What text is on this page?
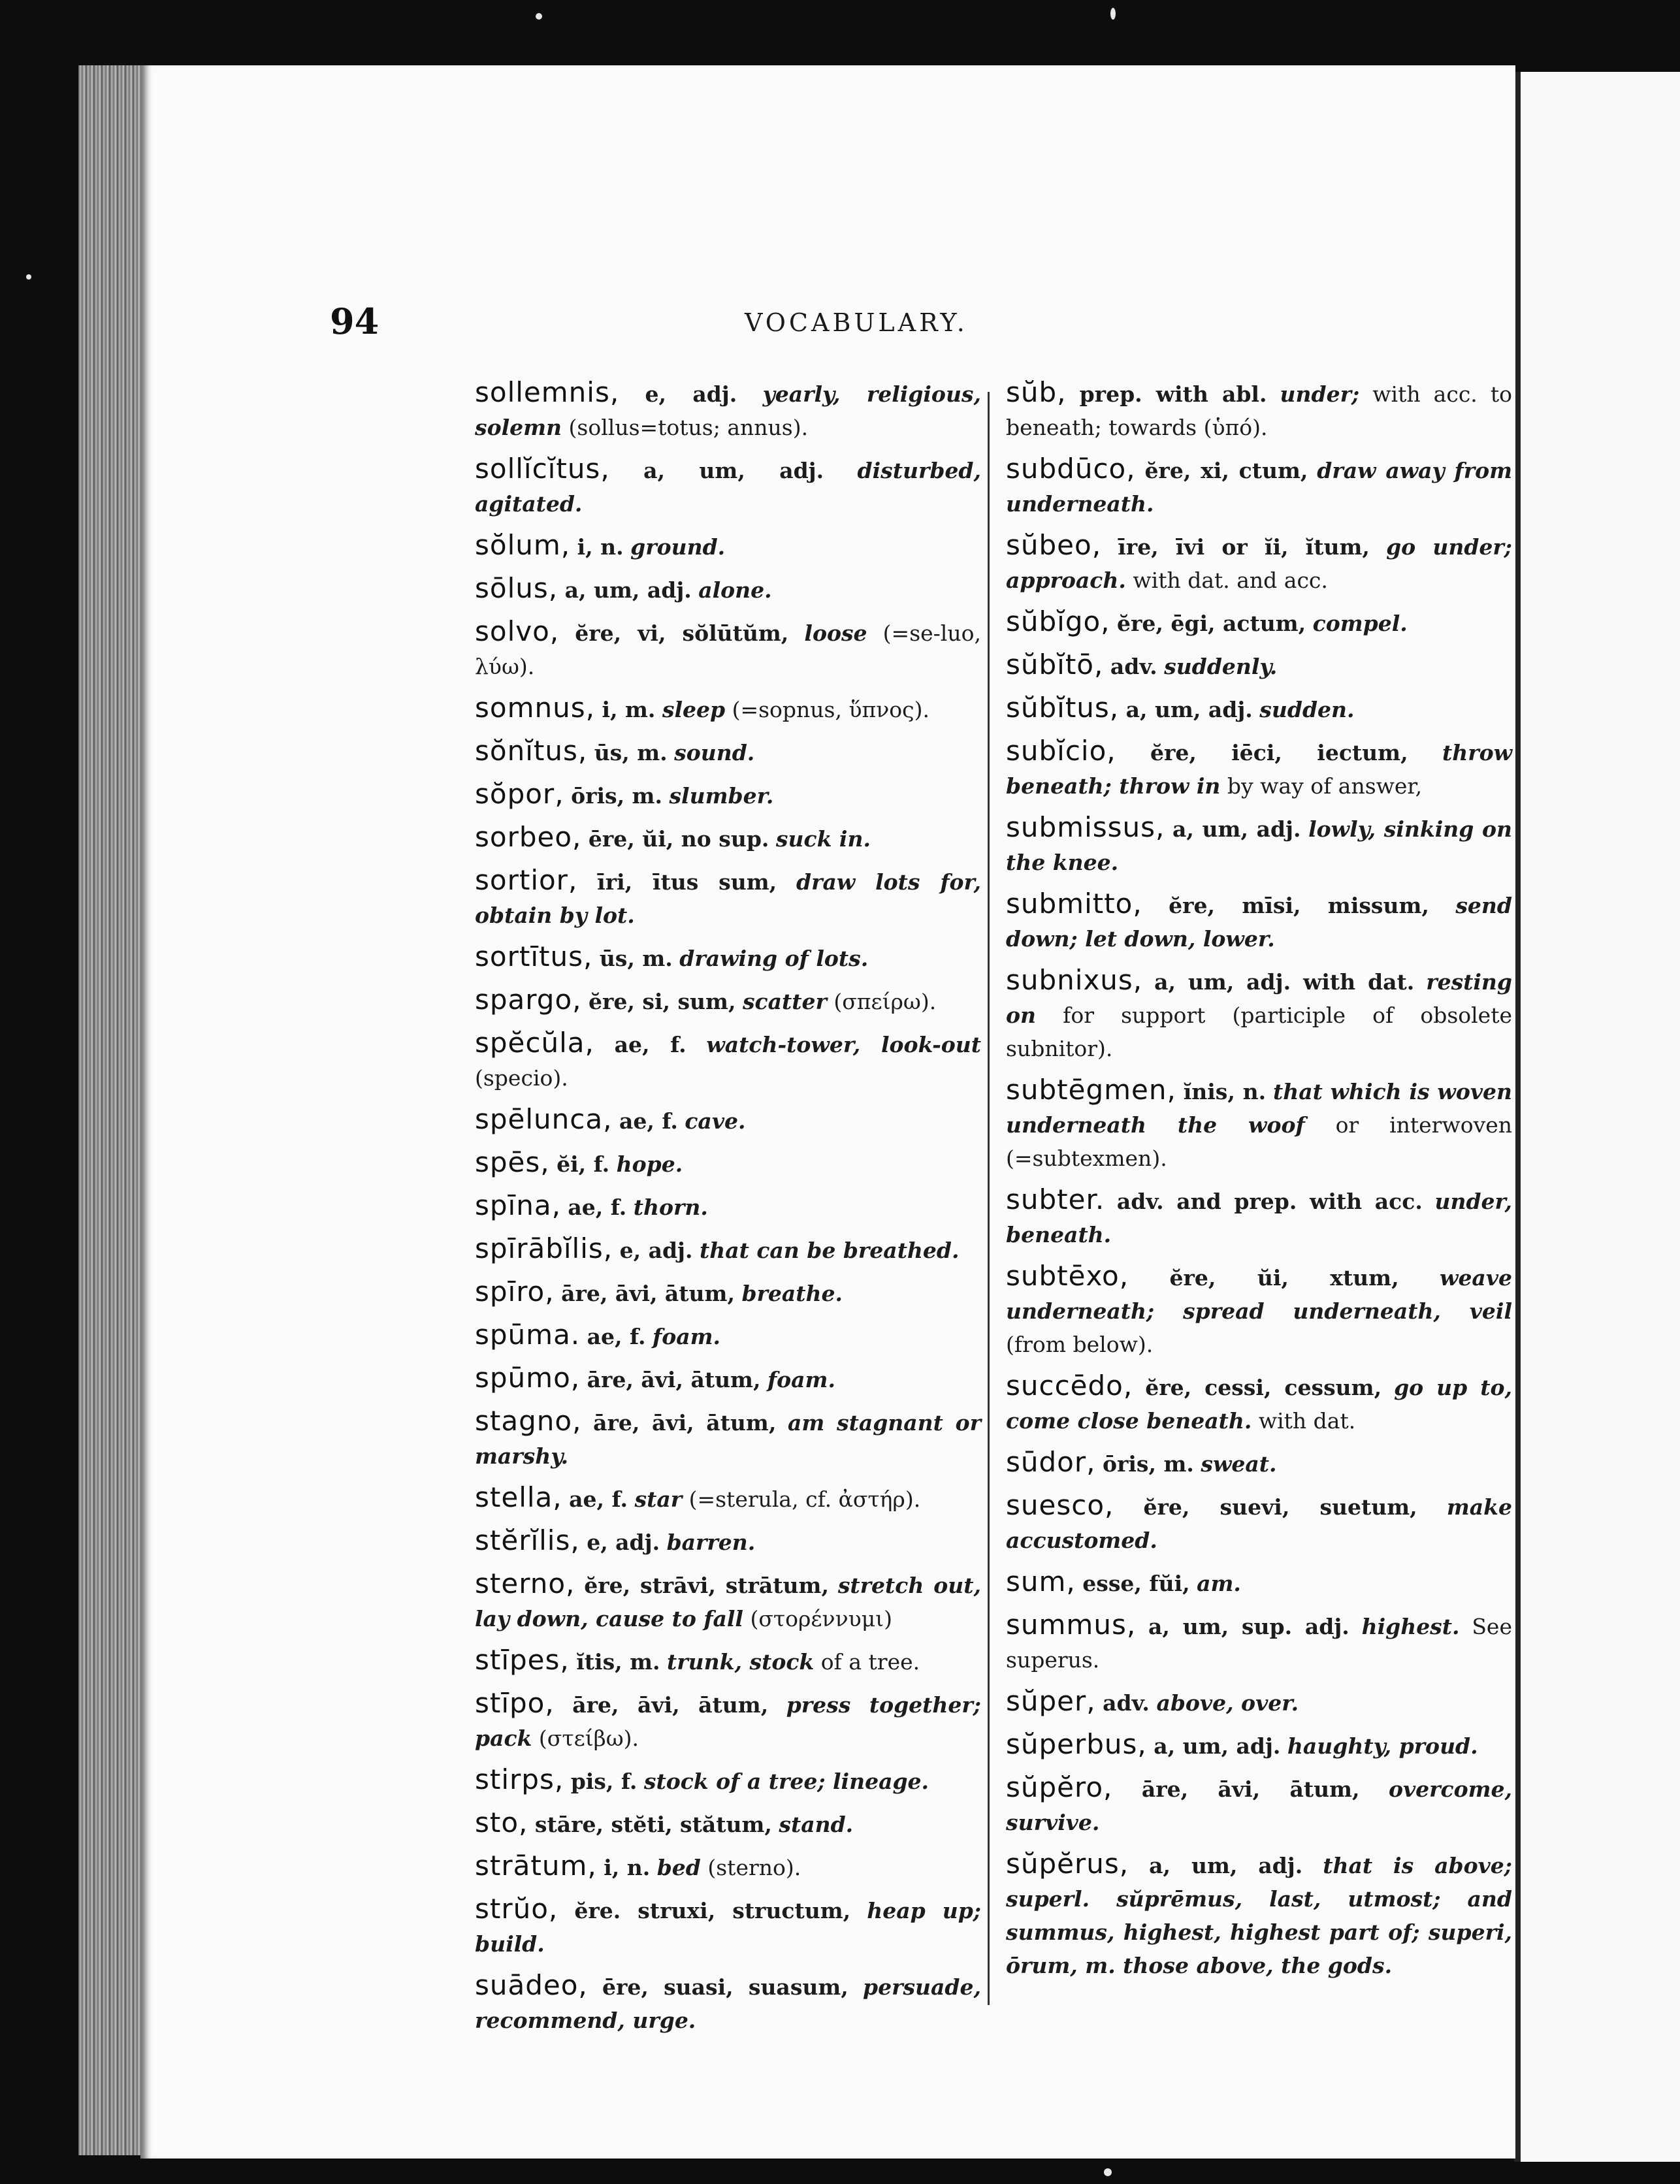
94	VOCABULARY.

sollemnis, e, adj. yearly, religious, solemn (sollus=totus; annus).

sollĭcĭtus, a, um, adj. disturbed, agitated.

sŏlum, i, n. ground.

sōlus, a, um, adj. alone.

solvo, ĕre, vi, sŏlūtŭm, loose (=se-luo, λύω).

somnus, i, m. sleep (=sopnus, ὕπνος).

sŏnĭtus, ūs, m. sound.

sŏpor, ōris, m. slumber.

sorbeo, ēre, ŭi, no sup. suck in.

sortior, īri, ītus sum, draw lots for, obtain by lot.

sortītus, ūs, m. drawing of lots.

spargo, ĕre, si, sum, scatter (σπείρω).

spĕcŭla, ae, f. watch-tower, look-out (specio).

spēlunca, ae, f. cave.

spēs, ĕi, f. hope.

spīna, ae, f. thorn.

spīrābĭlis, e, adj. that can be breathed.

spīro, āre, āvi, ātum, breathe.

spūma. ae, f. foam.

spūmo, āre, āvi, ātum, foam.

stagno, āre, āvi, ātum, am stagnant or marshy.

stella, ae, f. star (=sterula, cf. ἀστήρ).

stĕrĭlis, e, adj. barren.

sterno, ĕre, strāvi, strātum, stretch out, lay down, cause to fall (στορέννυμι)

stīpes, ĭtis, m. trunk, stock of a tree.

stīpo, āre, āvi, ātum, press together; pack (στείβω).

stirps, pis, f. stock of a tree; lineage.

sto, stāre, stĕti, stătum, stand.

strātum, i, n. bed (sterno).

strŭo, ĕre. struxi, structum, heap up; build.

suādeo, ēre, suasi, suasum, persuade, recommend, urge.

sŭb, prep. with abl. under; with acc. to beneath; towards (ὑπό).

subdūco, ĕre, xi, ctum, draw away from underneath.

sŭbeo, īre, īvi or ĭi, ĭtum, go under; approach. with dat. and acc.

sŭbĭgo, ĕre, ēgi, actum, compel.

sŭbĭtō, adv. suddenly.

sŭbĭtus, a, um, adj. sudden.

subĭcio, ĕre, iēci, iectum, throw beneath; throw in by way of answer,

submissus, a, um, adj. lowly, sinking on the knee.

submitto, ĕre, mīsi, missum, send down; let down, lower.

subnixus, a, um, adj. with dat. resting on for support (participle of obsolete subnitor).

subtēgmen, ĭnis, n. that which is woven underneath the woof or interwoven (=subtexmen).

subter. adv. and prep. with acc. under, beneath.

subtēxo, ĕre, ŭi, xtum, weave underneath; spread underneath, veil (from below).

succēdo, ĕre, cessi, cessum, go up to, come close beneath. with dat.

sūdor, ōris, m. sweat.

suesco, ĕre, suevi, suetum, make accustomed.

sum, esse, fŭi, am.

summus, a, um, sup. adj. highest. See superus.

sŭper, adv. above, over.

sŭperbus, a, um, adj. haughty, proud.

sŭpĕro, āre, āvi, ātum, overcome, survive.

sŭpĕrus, a, um, adj. that is above; superl. sŭprēmus, last, utmost; and summus, highest, highest part of; superi, ōrum, m. those above, the gods.
